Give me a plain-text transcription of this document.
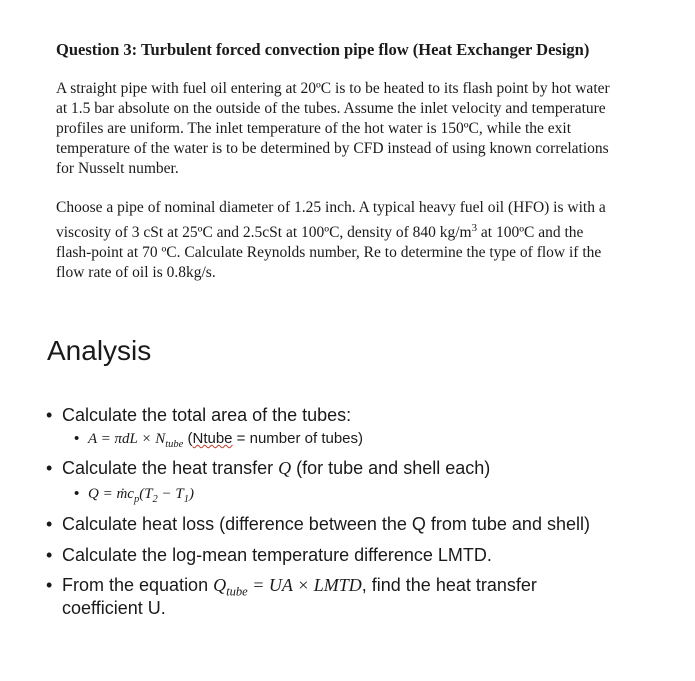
Question 3: Turbulent forced convection pipe flow (Heat Exchanger Design)
A straight pipe with fuel oil entering at 20ºC is to be heated to its flash point by hot water
at 1.5 bar absolute on the outside of the tubes. Assume the inlet velocity and temperature
profiles are uniform. The inlet temperature of the hot water is 150ºC, while the exit
temperature of the water is to be determined by CFD instead of using known correlations
for Nusselt number.
Choose a pipe of nominal diameter of 1.25 inch. A typical heavy fuel oil (HFO) is with a
viscosity of 3 cSt at 25ºC and 2.5cSt at 100ºC, density of 840 $kg/m^3$ at 100ºC and the
flash-point at 70 ºC. Calculate Reynolds number, Re to determine the type of flow if the
flow rate of oil is 0.8kg/s.
Analysis
• Calculate the total area of the tubes:
• $A = \pi dL \times N_{tube}$ (Ntube = number of tubes)
• Calculate the heat transfer Q (for tube and shell each)
• $Q = ṁc_p(T_2 - T_1)$
• Calculate heat loss (difference between the Q from tube and shell)
• Calculate the log-mean temperature difference LMTD.
• From the equation $Q_{tube}$ = UA × LMTD, find the heat transfer
coefficient U.
